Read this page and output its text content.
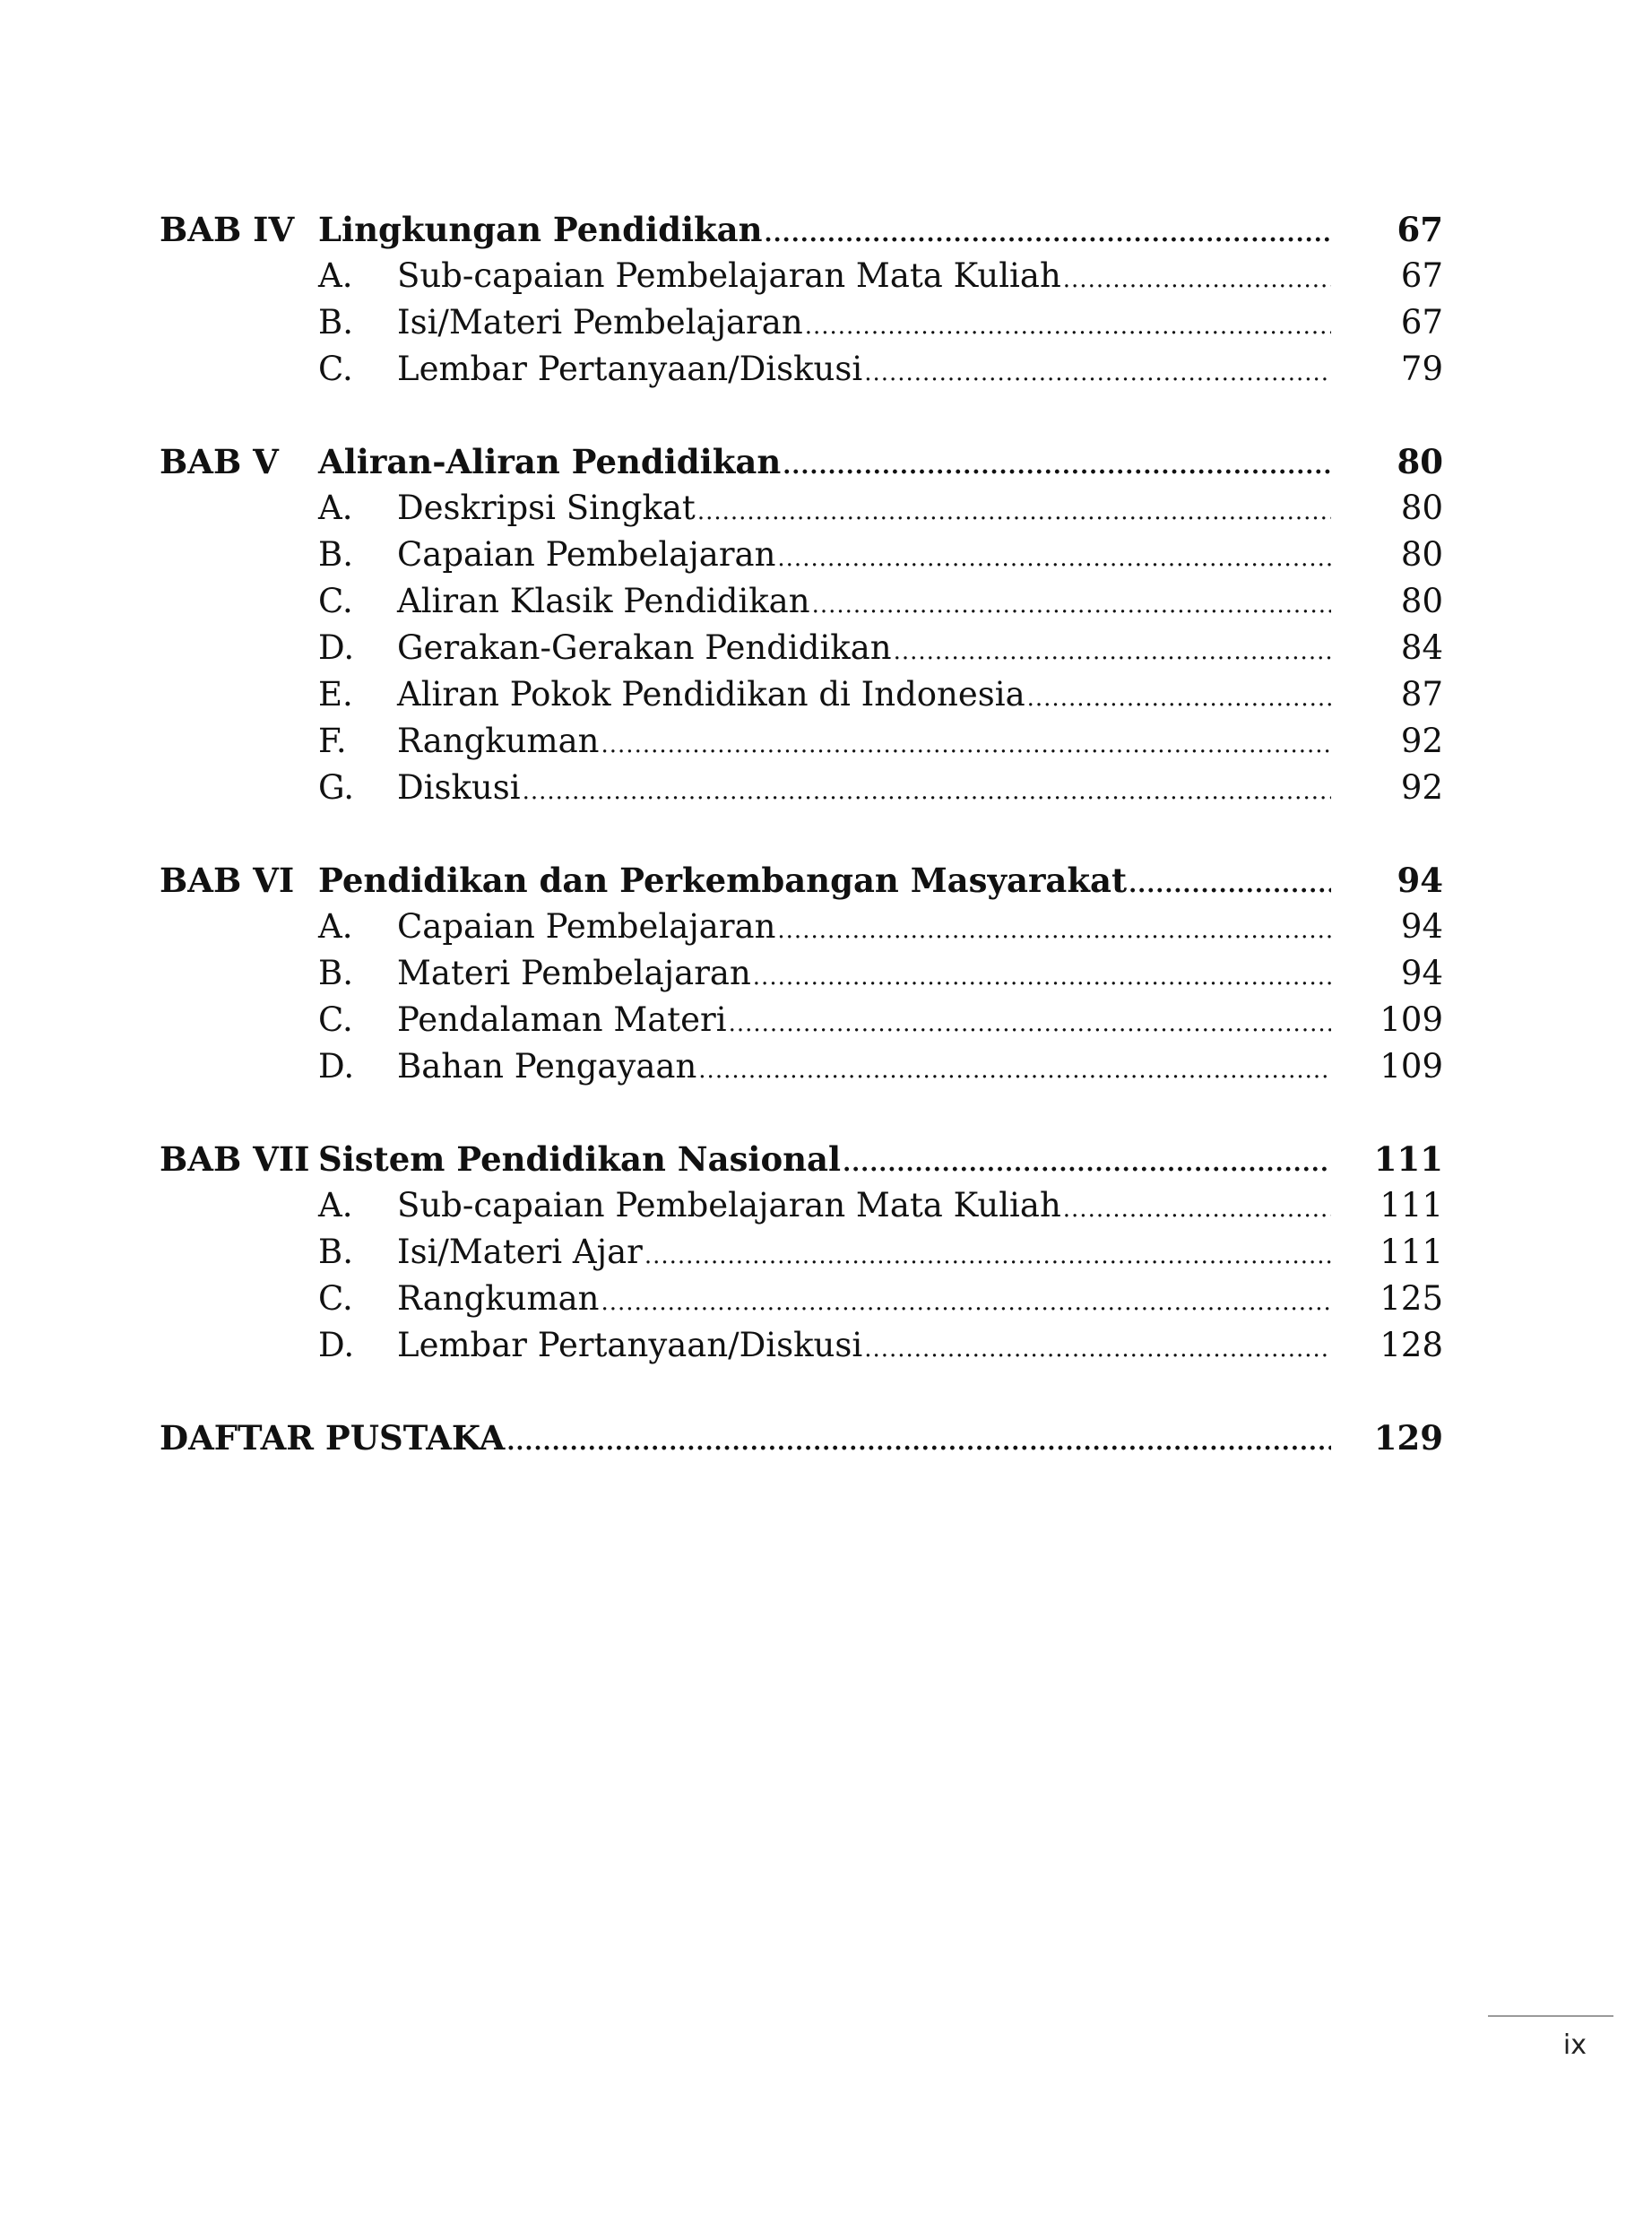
BAB IV Lingkungan Pendidikan .....	67
A.	Sub-capaian Pembelajaran Mata Kuliah .....	67
B.	Isi/Materi Pembelajaran .....	67
C.	Lembar Pertanyaan/Diskusi .....	79
BAB V	Aliran-Aliran Pendidikan .....	80
A.	Deskripsi Singkat .....	80
B.	Capaian Pembelajaran .....	80
C.	Aliran Klasik Pendidikan .....	80
D.	Gerakan-Gerakan Pendidikan .....	84
E.	Aliran Pokok Pendidikan di Indonesia .....	87
F.	Rangkuman .....	92
G.	Diskusi .....	92
BAB VI Pendidikan dan Perkembangan Masyarakat .....	94
A.	Capaian Pembelajaran .....	94
B.	Materi Pembelajaran .....	94
C.	Pendalaman Materi .....	109
D.	Bahan Pengayaan .....	109
BAB VII Sistem Pendidikan Nasional .....	111
A.	Sub-capaian Pembelajaran Mata Kuliah .....	111
B.	Isi/Materi Ajar .....	111
C.	Rangkuman .....	125
D.	Lembar Pertanyaan/Diskusi .....	128
DAFTAR PUSTAKA .....	129
ix
